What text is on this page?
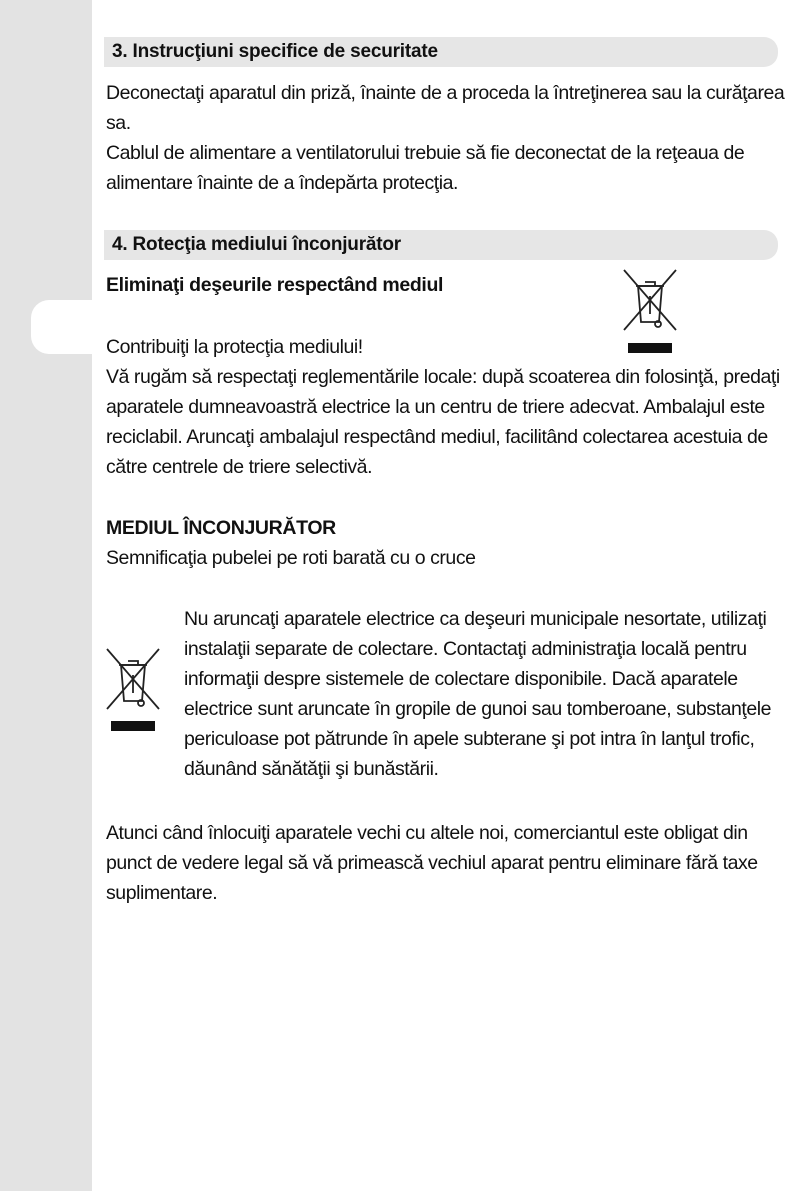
3. Instrucţiuni specifice de securitate
Deconectaţi aparatul din priză, înainte de a proceda la întreţinerea sau la curăţarea
sa.
Cablul de alimentare a ventilatorului trebuie să fie deconectat de la reţeaua de
alimentare înainte de a îndepărta protecţia.
4. Rotecţia mediului înconjurător
Eliminaţi deşeurile respectând mediul
Contribuiţi la protecţia mediului!
Vă rugăm să respectaţi reglementările locale: după scoaterea din folosinţă, predaţi
aparatele dumneavoastră electrice la un centru de triere adecvat. Ambalajul este
reciclabil. Aruncaţi ambalajul respectând mediul, facilitând colectarea acestuia de
către centrele de triere selectivă.
MEDIUL ÎNCONJURĂTOR
Semnificaţia pubelei pe roti barată cu o cruce
Nu aruncaţi aparatele electrice ca deşeuri municipale nesortate, utilizaţi
instalaţii separate de colectare. Contactaţi administraţia locală pentru
informaţii despre sistemele de colectare disponibile. Dacă aparatele
electrice sunt aruncate în gropile de gunoi sau tomberoane, substanţele
periculoase pot pătrunde în apele subterane şi pot intra în lanţul trofic,
dăunând sănătăţii şi bunăstării.
Atunci când înlocuiţi aparatele vechi cu altele noi, comerciantul este obligat din
punct de vedere legal să vă primească vechiul aparat pentru eliminare fără taxe
suplimentare.
